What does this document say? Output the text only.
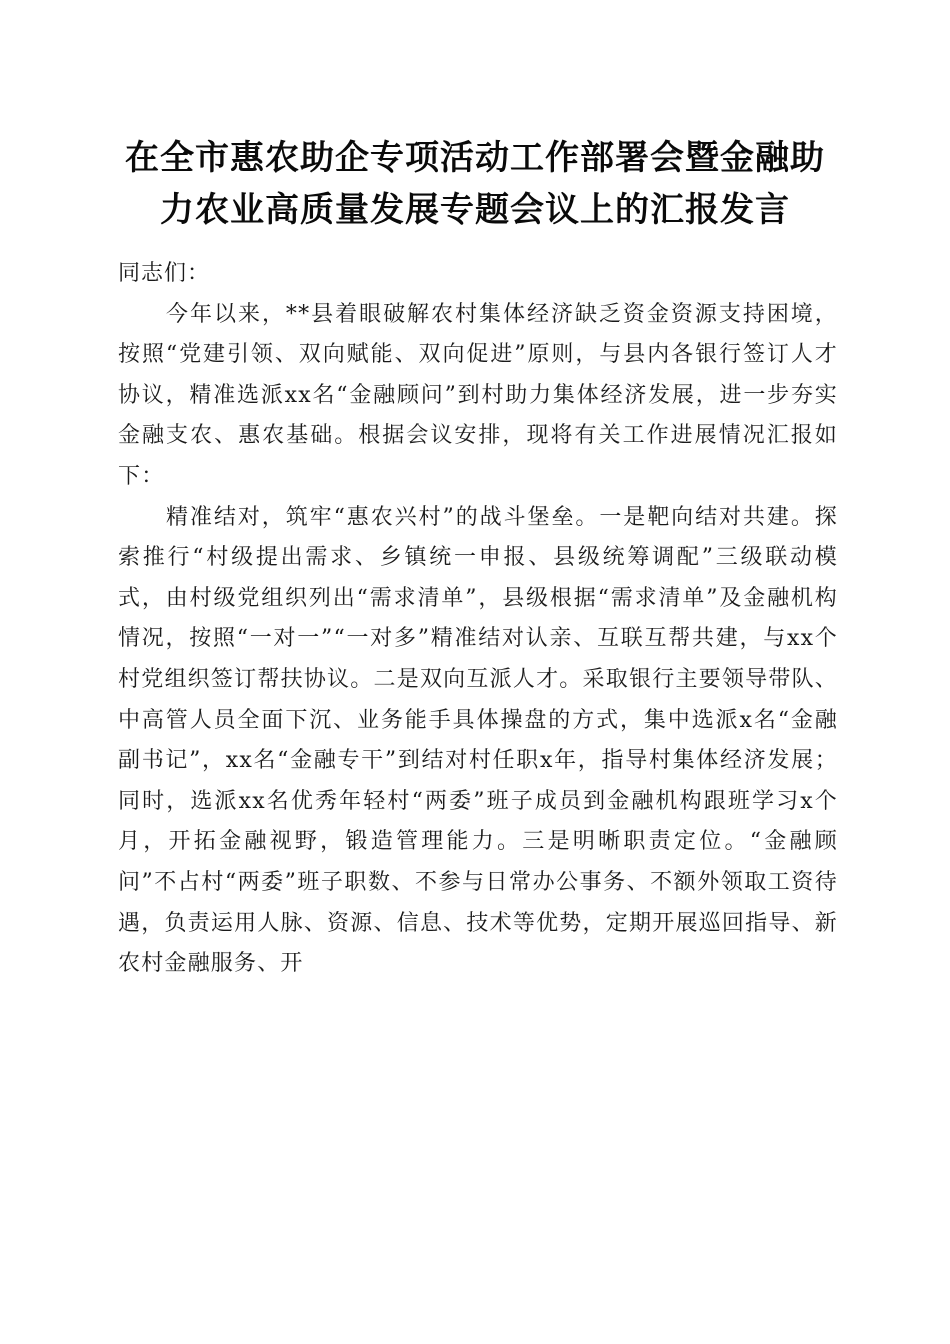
在全市惠农助企专项活动工作部署会暨金融助
力农业高质量发展专题会议上的汇报发言

同志们：

今年以来，**县着眼破解农村集体经济缺乏资金资源支持困境，按照“党建引领、双向赋能、双向促进”原则，与县内各银行签订人才协议，精准选派xx名“金融顾问”到村助力集体经济发展，进一步夯实金融支农、惠农基础。根据会议安排，现将有关工作进展情况汇报如下：

精准结对，筑牢“惠农兴村”的战斗堡垒。一是靶向结对共建。探索推行“村级提出需求、乡镇统一申报、县级统筹调配”三级联动模式，由村级党组织列出“需求清单”，县级根据“需求清单”及金融机构情况，按照“一对一”“一对多”精准结对认亲、互联互帮共建，与xx个村党组织签订帮扶协议。二是双向互派人才。采取银行主要领导带队、中高管人员全面下沉、业务能手具体操盘的方式，集中选派x名“金融副书记”，xx名“金融专干”到结对村任职x年，指导村集体经济发展；同时，选派xx名优秀年轻村“两委”班子成员到金融机构跟班学习x个月，开拓金融视野，锻造管理能力。三是明晰职责定位。“金融顾问”不占村“两委”班子职数、不参与日常办公事务、不额外领取工资待遇，负责运用人脉、资源、信息、技术等优势，定期开展巡回指导、新农村金融服务、开
